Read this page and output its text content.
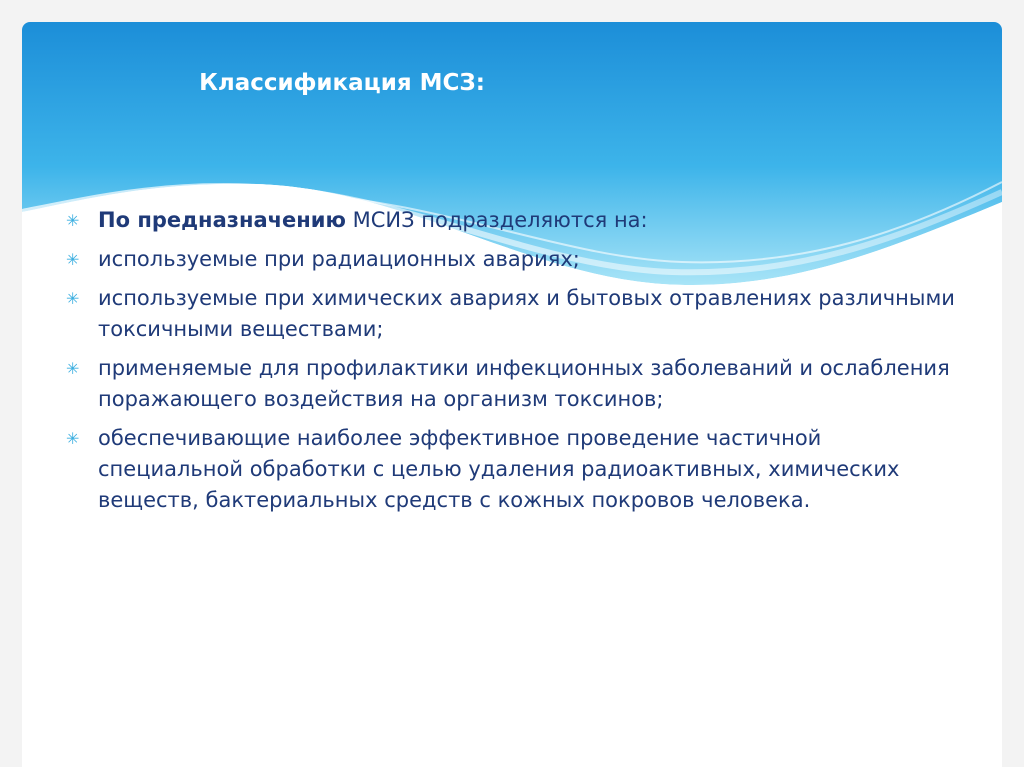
Классификация МСЗ:
✳ По предназначению МСИЗ подразделяются на:
✳ используемые при радиационных авариях;
✳ используемые при химических авариях и бытовых отравлениях различными токсичными веществами;
✳ применяемые для профилактики инфекционных заболеваний и ослабления поражающего воздействия на организм токсинов;
✳ обеспечивающие наиболее эффективное проведение частичной специальной обработки с целью удаления радиоактивных, химических веществ, бактериальных средств с кожных покровов человека.
